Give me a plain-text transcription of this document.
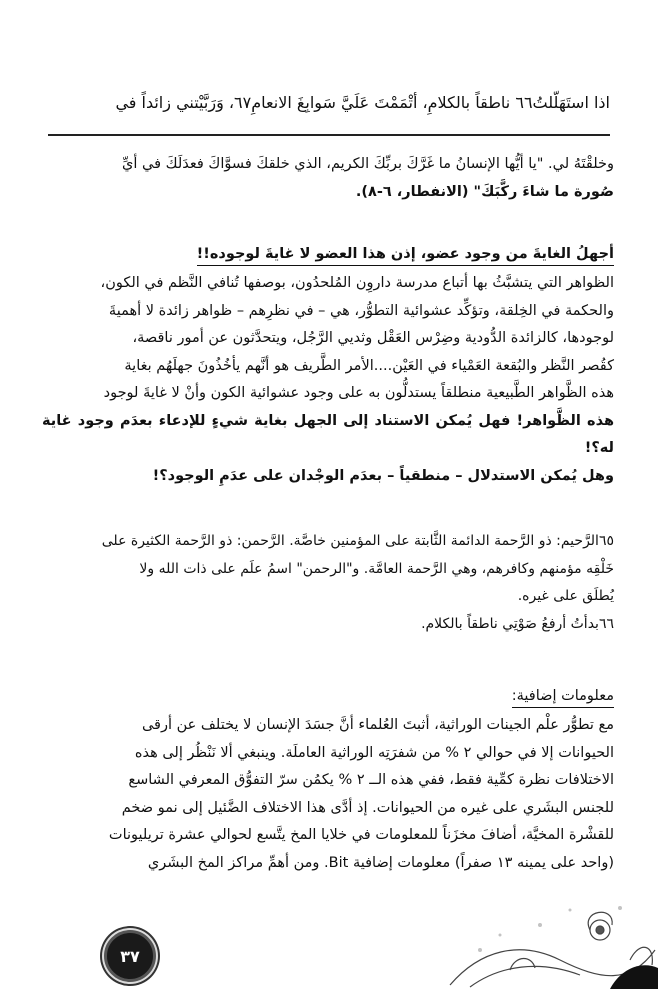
اذا استَهَلّلتُ٦٦ ناطقاً بالكلامِ، أتْمَمْتَ عَلَيَّ سَوابِغَ الانعامِ٦٧، وَرَبَّيْتني زائداً في
وخلقْتَهُ لي. "يا أيُّها الإنسانُ ما غَرَّكَ بربِّكَ الكريم، الذي خلقكَ فسوَّاكَ فعدَلَكَ في أيِّ
صُورة ما شاءَ ركَّبَكَ" (الانفطار، ٦-٨).
أجهلُ الغايةَ من وجود عضو، إذن هذا العضو لا غايةَ لوجوده!!
الظواهر التي يتشبَّثُ بها أتباع مدرسة داروِن المُلحدُون، بوصفها تُنافي النَّظم في الكون،
والحكمة في الخِلقة، وتؤكِّد عشوائية التطوُّر، هي – في نظرِهم – ظواهر زائدة لا أهميةَ
لوجودها، كالزائدة الدُّودية وضِرْس العَقْل وثديي الرَّجُل، ويتحدَّثون عن أمور ناقصة،
كقُصر النَّظر والبُقعة العَمْياء في العَيْن....الأمر الطَّريف هو أنَّهم يأخُذُونَ جهلَهُم بغاية
هذه الظَّواهر الطَّبيعية منطلقاً يستدلُّون به على وجود عشوائية الكون وأنْ لا غايةَ لوجود
هذه الظَّواهر! فهل يُمكن الاستناد إلى الجهل بغاية شيءٍ للإدعاء بعدَم وجود غاية له؟!
وهل يُمكن الاستدلال – منطقياً – بعدَم الوجْدان على عدَمِ الوجود؟!
٦٥الرَّحيم: ذو الرَّحمة الدائمة الثَّابتة على المؤمنين خاصَّة. الرَّحمن: ذو الرَّحمة الكثيرة على
خَلْقِه مؤمنهم وكافرهم، وهي الرَّحمة العامَّة. و"الرحمن" اسمُ علَم على ذات الله ولا
يُطلَق على غيره.
٦٦بدأتُ أرفعُ صَوْتِي ناطقاً بالكلام.
معلومات إضافية:
مع تطوُّر علْم الجينات الوراثية، أثبتَ العُلماء أنَّ جسَدَ الإنسان لا يختلف عن أرقى
الحيوانات إلا في حوالي ٢ % من شفرَتِه الوراثية العاملَة. وينبغي ألا نَنْظُر إلى هذه
الاختلافات نظرة كمِّية فقط، ففي هذه الــ ٢ % يكمُن سرّ التفوُّق المعرفي الشاسع
للجنس البشَري على غيره من الحيوانات. إذ أدَّى هذا الاختلاف الضَّئيل إلى نمو ضخم
للقشْرة المخيَّة، أضافَ مخزَناً للمعلومات في خلايا المخ يتَّسع لحوالي عشرة تريليونات
(واحد على يمينه ١٣ صفراً) معلومات إضافية Bit. ومن أهمِّ مراكز المخ البشَري
٣٧
